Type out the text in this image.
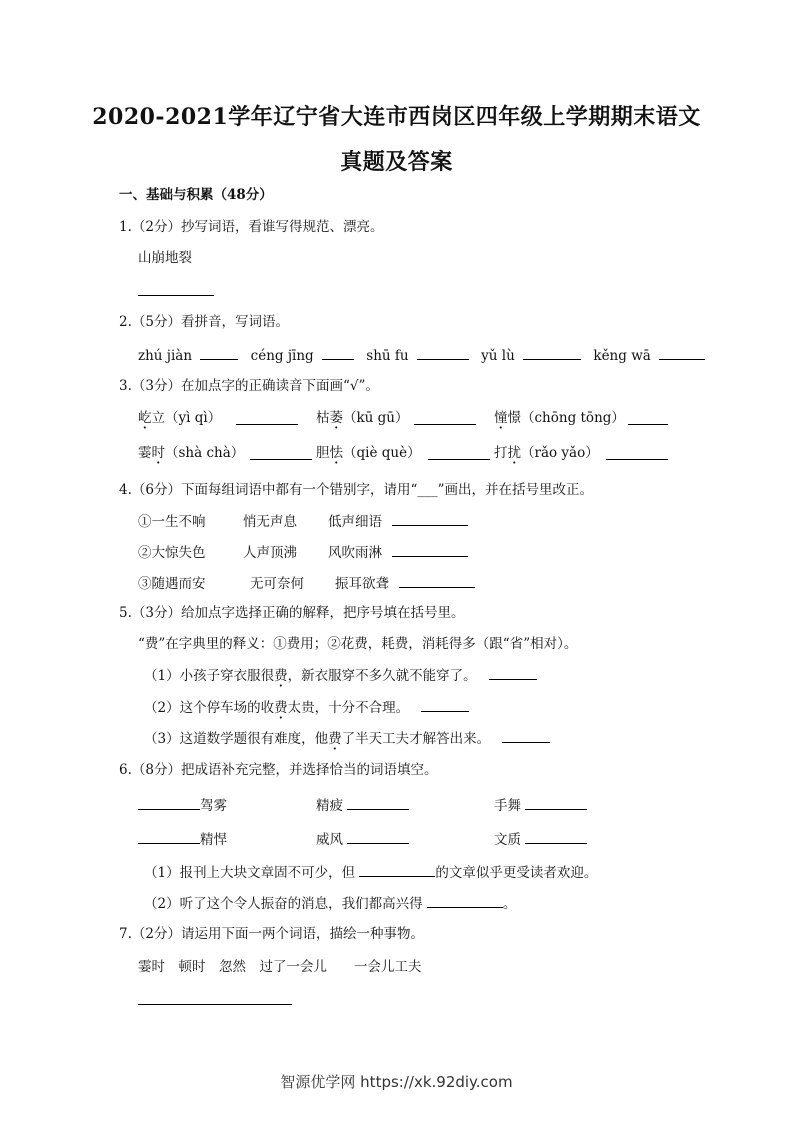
2020-2021学年辽宁省大连市西岗区四年级上学期期末语文
真题及答案
一、基础与积累（48分）
1.（2分）抄写词语，看谁写得规范、漂亮。
山崩地裂
2.（5分）看拼音，写词语。
zhú jiàn	céng jīng	shū fu	yǔ lù	kěng wā
3.（3分）在加点字的正确读音下面画“√”。
屹立（yì qì）	枯萎（kū gū）	憧憬（chōng tōng）
霎时（shà chà）	胆怯（qiè què）	打扰（rǎo yǎo）
4.（6分）下面每组词语中都有一个错别字，请用“___”画出，并在括号里改正。
①一生不响	悄无声息 低声细语
②大惊失色	人声顶沸 风吹雨淋
③随遇而安	无可奈何 振耳欲聋
5.（3分）给加点字选择正确的解释，把序号填在括号里。
“费”在字典里的释义：①费用；②花费，耗费，消耗得多（跟“省”相对）。
（1）小孩子穿衣服很费，新衣服穿不多久就不能穿了。
（2）这个停车场的收费太贵，十分不合理。
（3）这道数学题很有难度，他费了半天工夫才解答出来。
6.（8分）把成语补充完整，并选择恰当的词语填空。
驾雾	精疲	手舞
精悍	威风	文质
（1）报刊上大块文章固不可少，但	的文章似乎更受读者欢迎。
（2）听了这个令人振奋的消息，我们都高兴得	。
7.（2分）请运用下面一两个词语，描绘一种事物。
霎时　顿时　忽然　过了一会儿　　一会儿工夫
智源优学网 https://xk.92diy.com
